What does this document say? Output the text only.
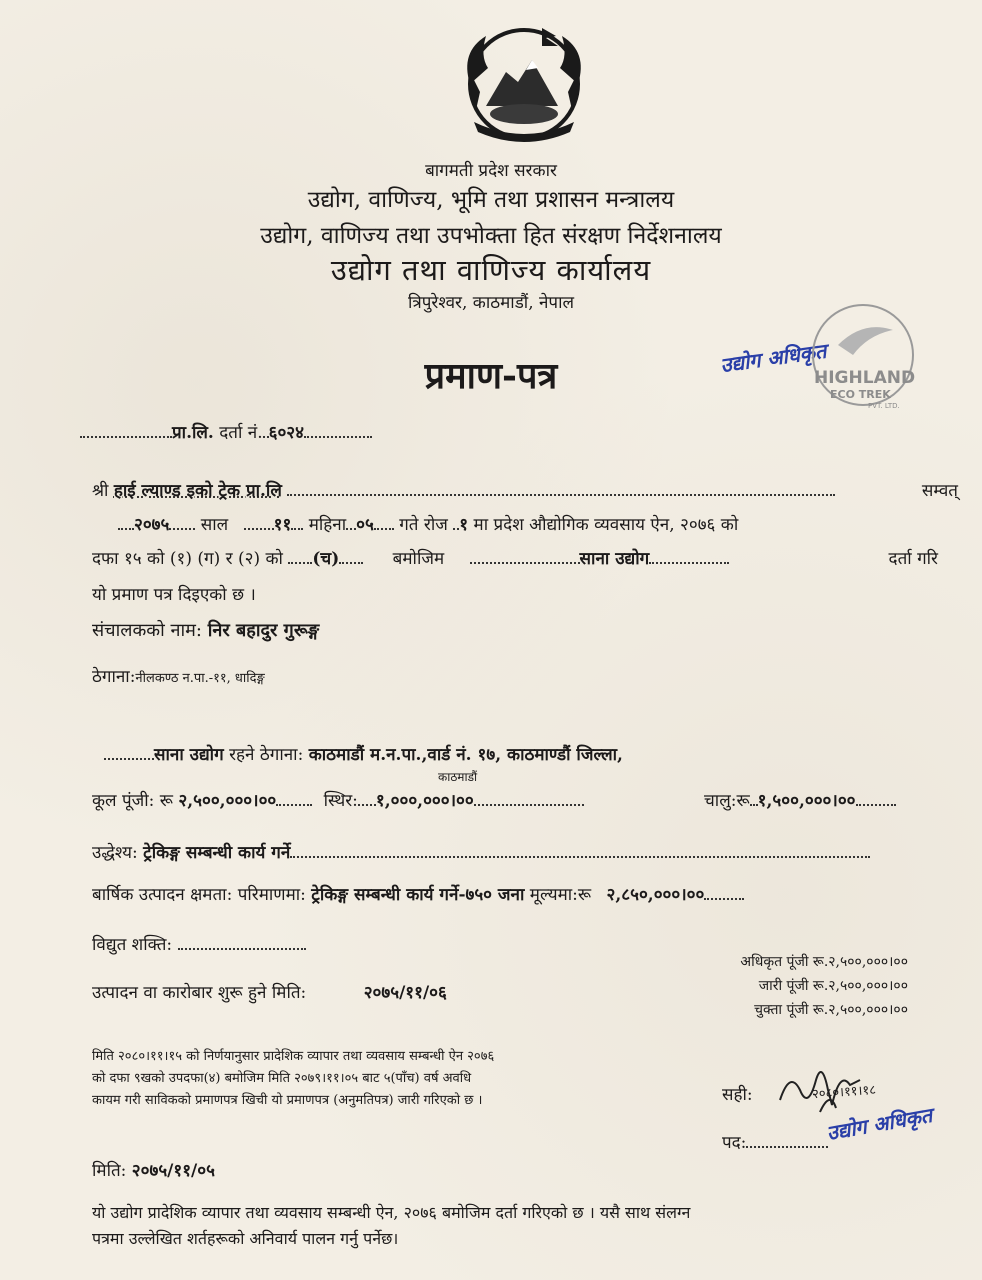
बागमती प्रदेश सरकार
उद्योग, वाणिज्य, भूमि तथा प्रशासन मन्त्रालय
उद्योग, वाणिज्य तथा उपभोक्ता हित संरक्षण निर्देशनालय
उद्योग तथा वाणिज्य कार्यालय
त्रिपुरेश्वर, काठमाडौं, नेपाल
प्रमाण-पत्र	उद्योग अधिकृत
HIGHLAND
ECO TREK
PVT. LTD.
प्रा.लि. दर्ता नं. ६०२४
श्री हाई ल्याण्ड इको ट्रेक प्रा.लि	सम्वत्
२०७५ साल	११ महिना ०५ गते रोज १ मा प्रदेश औद्योगिक व्यवसाय ऐन, २०७६ को
दफा १५ को (१) (ग) र (२) को (च)	बमोजिम	साना उद्योग	दर्ता गरि
यो प्रमाण पत्र दिइएको छ ।
संचालकको नाम: निर बहादुर गुरूङ्ग
ठेगाना:नीलकण्ठ न.पा.-११, धादिङ्ग
साना उद्योग रहने ठेगाना: काठमाडौं म.न.पा.,वार्ड नं. १७, काठमाण्डौं जिल्ला,
काठमाडौं
कूल पूंजी: रू २,५००,०००।००	स्थिर: १,०००,०००।००	चालु:रू १,५००,०००।००
उद्धेश्य: ट्रेकिङ्ग सम्बन्धी कार्य गर्ने
बार्षिक उत्पादन क्षमता: परिमाणमा: ट्रेकिङ्ग सम्बन्धी कार्य गर्ने-७५० जना मूल्यमा:रू २,८५०,०००।००
विद्युत शक्ति:
अधिकृत पूंजी रू.२,५००,०००।००
जारी पूंजी रू.२,५००,०००।००
चुक्ता पूंजी रू.२,५००,०००।००
उत्पादन वा कारोबार शुरू हुने मिति:	२०७५/११/०६
मिति २०८०।११।१५ को निर्णयानुसार प्रादेशिक व्यापार तथा व्यवसाय सम्बन्धी ऐन २०७६
को दफा ९खको उपदफा(४) बमोजिम मिति २०७९।११।०५ बाट ५(पाँच) वर्ष अवधि
कायम गरी साविकको प्रमाणपत्र खिची यो प्रमाणपत्र (अनुमतिपत्र) जारी गरिएको छ ।	सही:	२०८०।११।१८
पद:	उद्योग अधिकृत
मिति: २०७५/११/०५
यो उद्योग प्रादेशिक व्यापार तथा व्यवसाय सम्बन्धी ऐन, २०७६ बमोजिम दर्ता गरिएको छ । यसै साथ संलग्न
पत्रमा उल्लेखित शर्तहरूको अनिवार्य पालन गर्नु पर्नेछ।
